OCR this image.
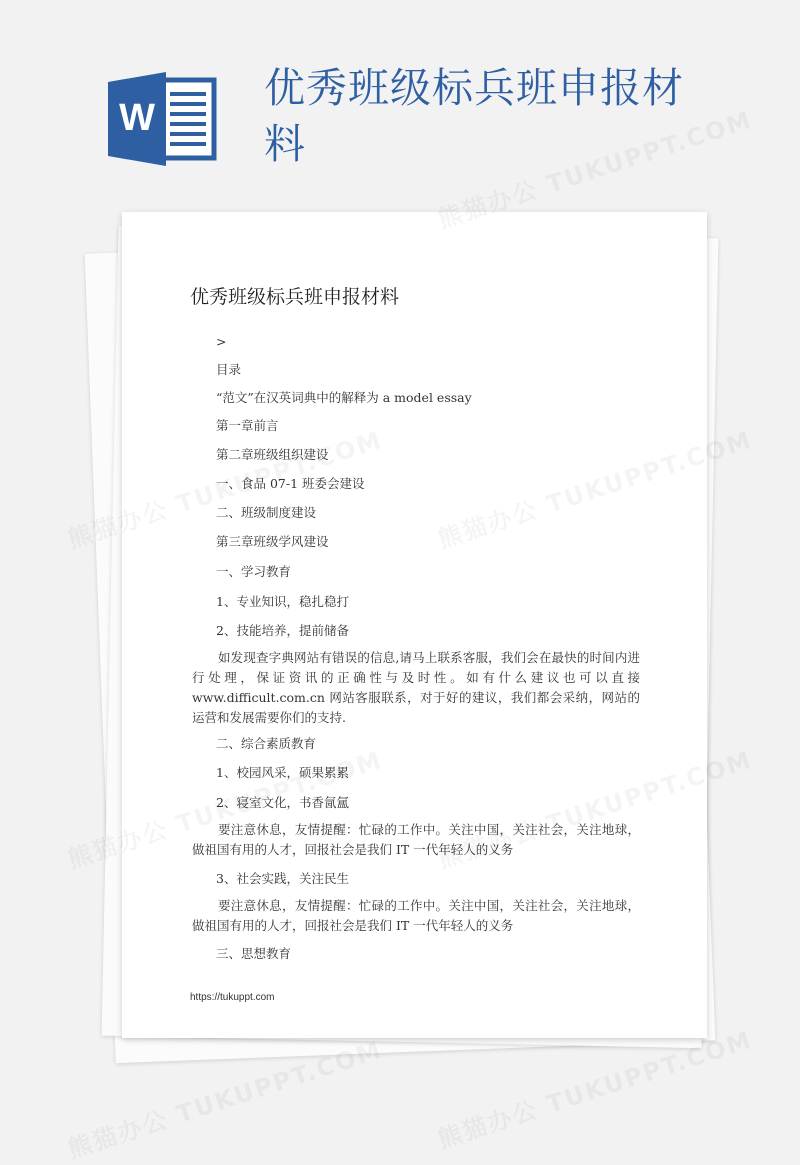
W
优秀班级标兵班申报材料
优秀班级标兵班申报材料
>
目录
“范文”在汉英词典中的解释为 a model essay
第一章前言
第二章班级组织建设
一、食品 07-1 班委会建设
二、班级制度建设
第三章班级学风建设
一、学习教育
1、专业知识，稳扎稳打
2、技能培养，提前储备
如发现查字典网站有错误的信息,请马上联系客服，我们会在最快的时间内进行处理，保证资讯的正确性与及时性。如有什么建议也可以直接 www.difficult.com.cn 网站客服联系，对于好的建议，我们都会采纳，网站的运营和发展需要你们的支持.
二、综合素质教育
1、校园风采，硕果累累
2、寝室文化，书香氤氲
要注意休息，友情提醒：忙碌的工作中。关注中国，关注社会，关注地球，做祖国有用的人才，回报社会是我们 IT 一代年轻人的义务
3、社会实践，关注民生
要注意休息，友情提醒：忙碌的工作中。关注中国，关注社会，关注地球，做祖国有用的人才，回报社会是我们 IT 一代年轻人的义务
三、思想教育
https://tukuppt.com
